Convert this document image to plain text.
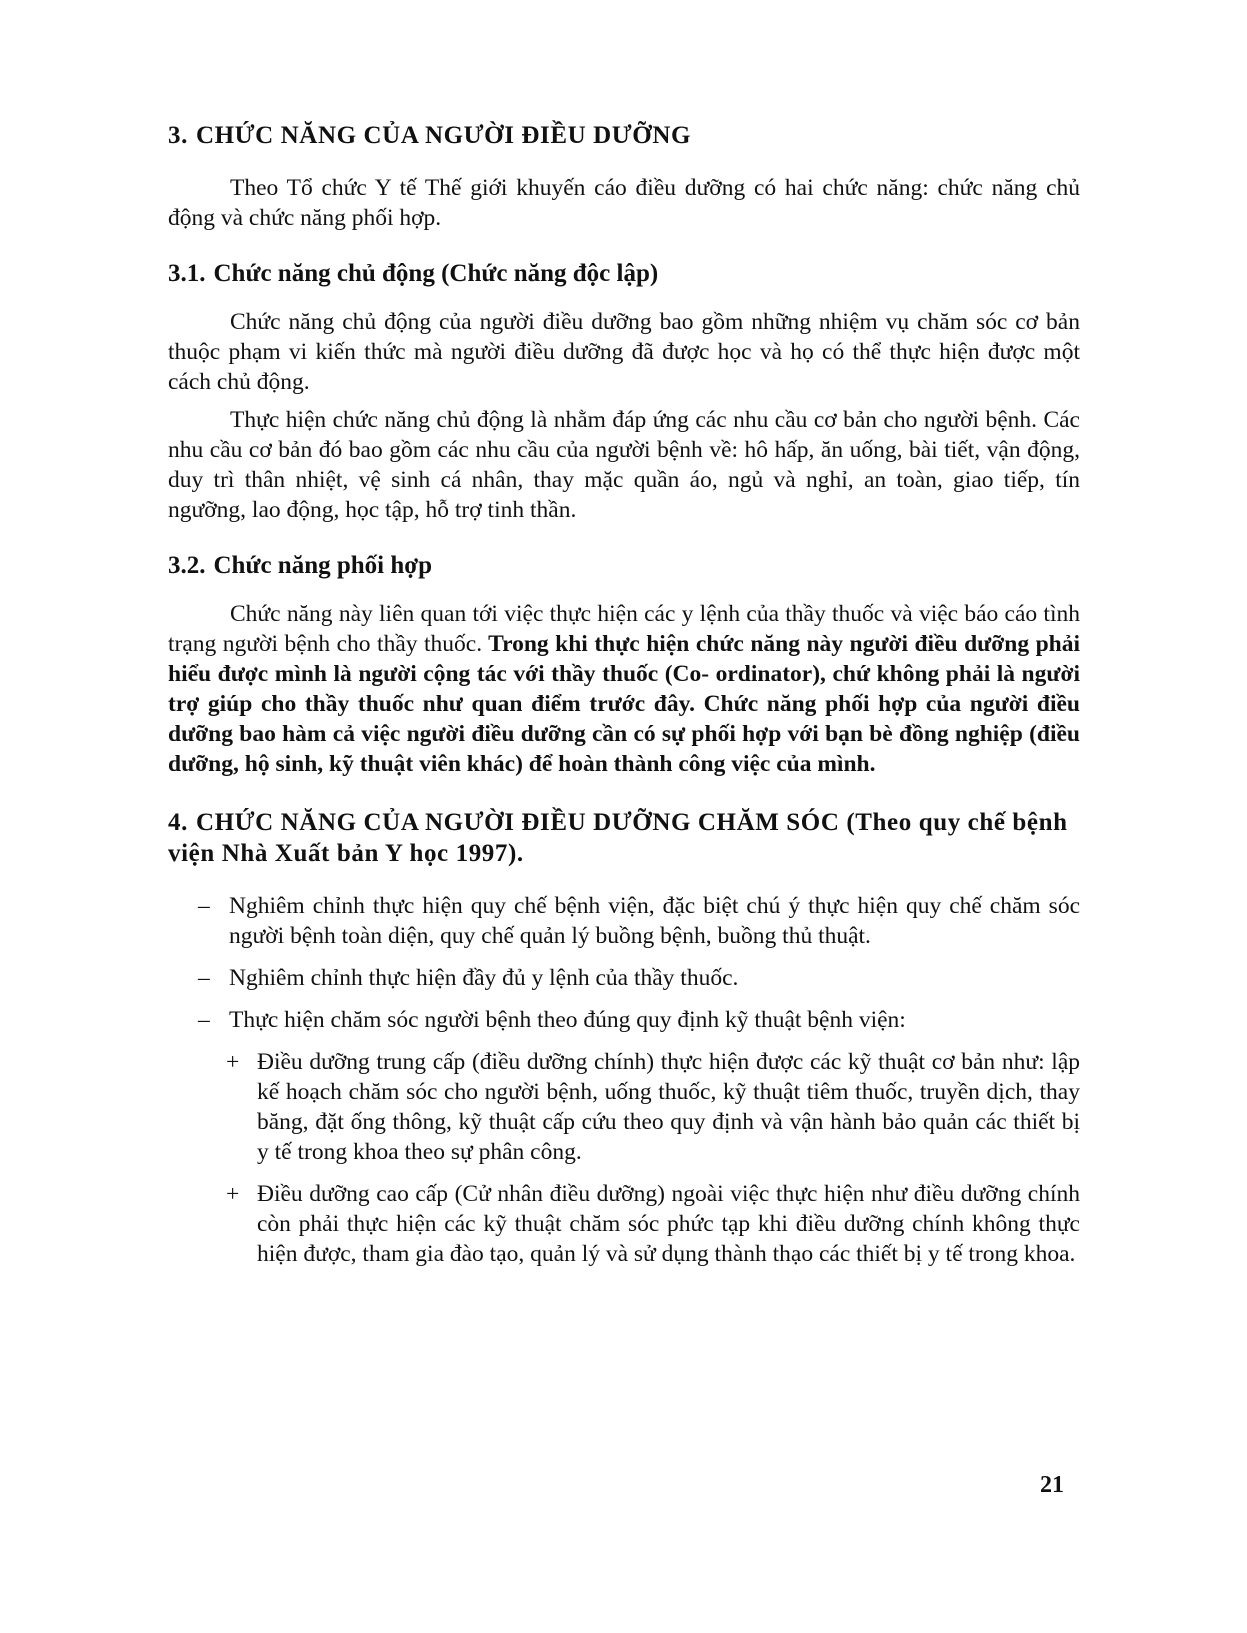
3. CHỨC NĂNG CỦA NGƯỜI ĐIỀU DƯỠNG

Theo Tổ chức Y tế Thế giới khuyến cáo điều dưỡng có hai chức năng: chức năng chủ động và chức năng phối hợp.

3.1. Chức năng chủ động (Chức năng độc lập)

Chức năng chủ động của người điều dưỡng bao gồm những nhiệm vụ chăm sóc cơ bản thuộc phạm vi kiến thức mà người điều dưỡng đã được học và họ có thể thực hiện được một cách chủ động.

Thực hiện chức năng chủ động là nhằm đáp ứng các nhu cầu cơ bản cho người bệnh. Các nhu cầu cơ bản đó bao gồm các nhu cầu của người bệnh về: hô hấp, ăn uống, bài tiết, vận động, duy trì thân nhiệt, vệ sinh cá nhân, thay mặc quần áo, ngủ và nghỉ, an toàn, giao tiếp, tín ngưỡng, lao động, học tập, hỗ trợ tinh thần.

3.2. Chức năng phối hợp

Chức năng này liên quan tới việc thực hiện các y lệnh của thầy thuốc và việc báo cáo tình trạng người bệnh cho thầy thuốc. Trong khi thực hiện chức năng này người điều dưỡng phải hiểu được mình là người cộng tác với thầy thuốc (Co- ordinator), chứ không phải là người trợ giúp cho thầy thuốc như quan điểm trước đây. Chức năng phối hợp của người điều dưỡng bao hàm cả việc người điều dưỡng cần có sự phối hợp với bạn bè đồng nghiệp (điều dưỡng, hộ sinh, kỹ thuật viên khác) để hoàn thành công việc của mình.

4. CHỨC NĂNG CỦA NGƯỜI ĐIỀU DƯỠNG CHĂM SÓC (Theo quy chế bệnh viện Nhà Xuất bản Y học 1997).
– Nghiêm chỉnh thực hiện quy chế bệnh viện, đặc biệt chú ý thực hiện quy chế chăm sóc người bệnh toàn diện, quy chế quản lý buồng bệnh, buồng thủ thuật.
– Nghiêm chỉnh thực hiện đầy đủ y lệnh của thầy thuốc.
– Thực hiện chăm sóc người bệnh theo đúng quy định kỹ thuật bệnh viện:
+ Điều dưỡng trung cấp (điều dưỡng chính) thực hiện được các kỹ thuật cơ bản như: lập kế hoạch chăm sóc cho người bệnh, uống thuốc, kỹ thuật tiêm thuốc, truyền dịch, thay băng, đặt ống thông, kỹ thuật cấp cứu theo quy định và vận hành bảo quản các thiết bị y tế trong khoa theo sự phân công.
+ Điều dưỡng cao cấp (Cử nhân điều dưỡng) ngoài việc thực hiện như điều dưỡng chính còn phải thực hiện các kỹ thuật chăm sóc phức tạp khi điều dưỡng chính không thực hiện được, tham gia đào tạo, quản lý và sử dụng thành thạo các thiết bị y tế trong khoa.
21
